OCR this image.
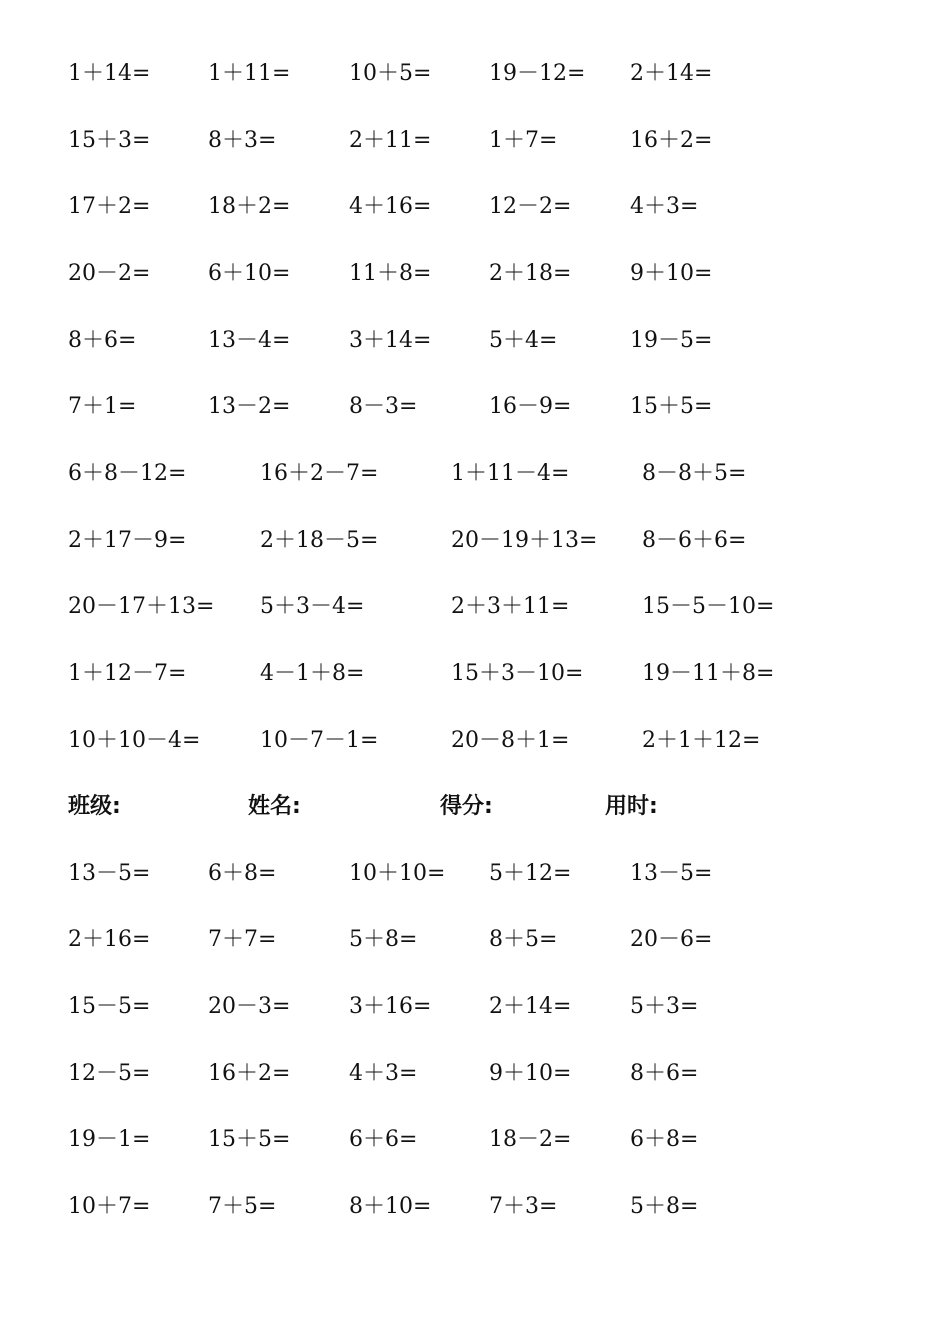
1＋14=	1＋11=	10＋5=	19－12= 2＋14=
15＋3=	8＋3=	2＋11=	1＋7=	16＋2=
17＋2=	18＋2=	4＋16=	12－2=	4＋3=
20－2=	6＋10=	11＋8=	2＋18=	9＋10=
8＋6=	13－4=	3＋14=	5＋4=	19－5=
7＋1=	13－2=	8－3=	16－9=	15＋5=
6＋8－12=	16＋2－7=	1＋11－4=	8－8＋5=
2＋17－9=	2＋18－5=	20－19＋13= 8－6＋6=
20－17＋13= 5＋3－4=	2＋3＋11=	15－5－10=
1＋12－7=	4－1＋8=	15＋3－10=	19－11＋8=
10＋10－4=	10－7－1=	20－8＋1=	2＋1＋12=
班级:	姓名:	得分:	用时:
13－5=	6＋8=	10＋10= 5＋12=	13－5=
2＋16=	7＋7=	5＋8=	8＋5=	20－6=
15－5=	20－3=	3＋16=	2＋14=	5＋3=
12－5=	16＋2=	4＋3=	9＋10=	8＋6=
19－1=	15＋5=	6＋6=	18－2=	6＋8=
10＋7=	7＋5=	8＋10=	7＋3=	5＋8=
